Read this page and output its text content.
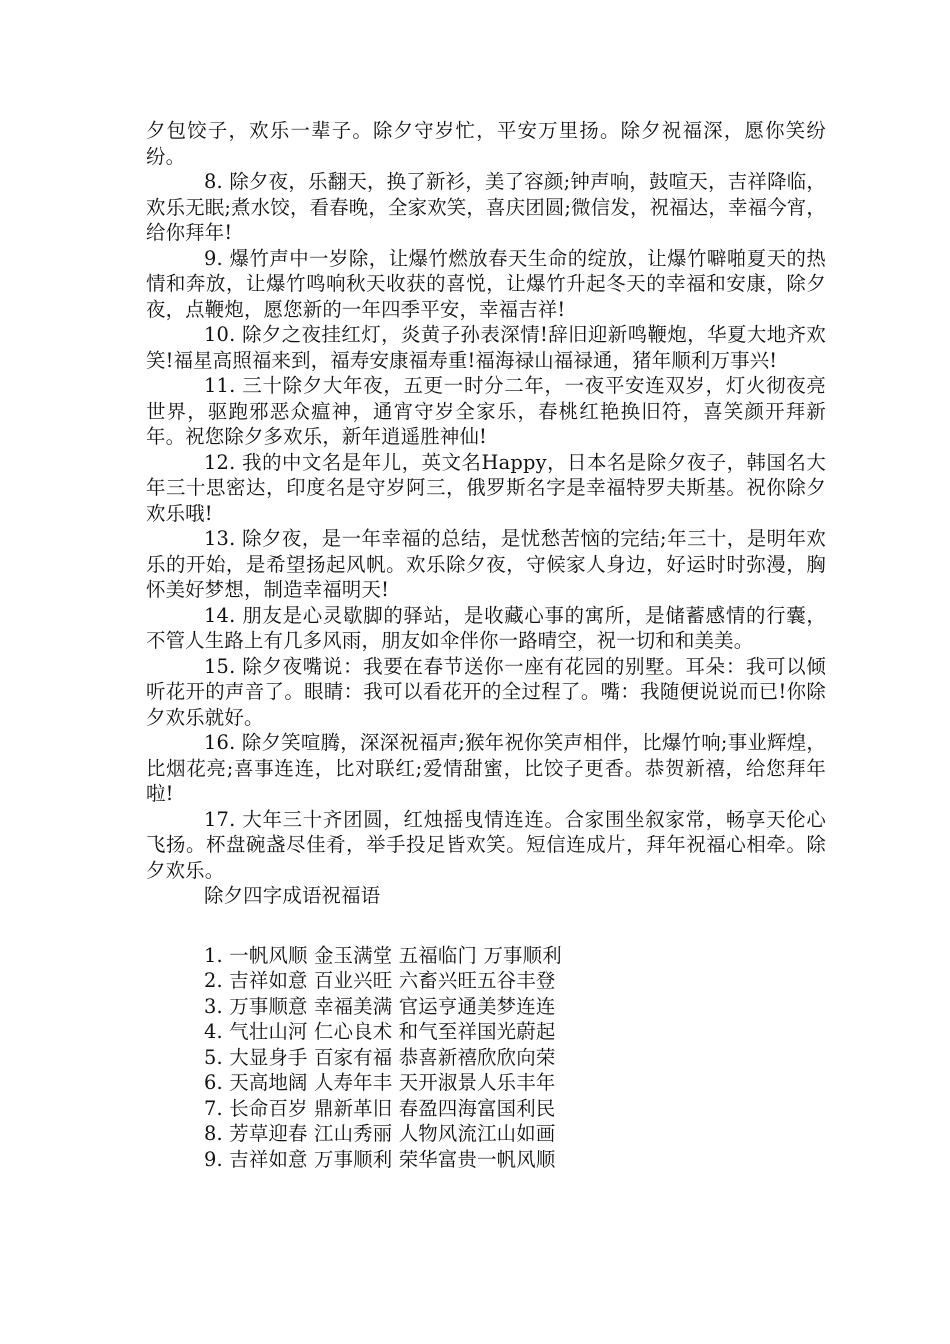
夕包饺子，欢乐一辈子。除夕守岁忙，平安万里扬。除夕祝福深，愿你笑纷纷。

8. 除夕夜，乐翻天，换了新衫，美了容颜;钟声响，鼓喧天，吉祥降临，欢乐无眠;煮水饺，看春晚，全家欢笑，喜庆团圆;微信发，祝福达，幸福今宵，给你拜年!

9. 爆竹声中一岁除，让爆竹燃放春天生命的绽放，让爆竹噼啪夏天的热情和奔放，让爆竹鸣响秋天收获的喜悦，让爆竹升起冬天的幸福和安康，除夕夜，点鞭炮，愿您新的一年四季平安，幸福吉祥!

10. 除夕之夜挂红灯，炎黄子孙表深情!辞旧迎新鸣鞭炮，华夏大地齐欢笑!福星高照福来到，福寿安康福寿重!福海禄山福禄通，猪年顺利万事兴!

11. 三十除夕大年夜，五更一时分二年，一夜平安连双岁，灯火彻夜亮世界，驱跑邪恶众瘟神，通宵守岁全家乐，春桃红艳换旧符，喜笑颜开拜新年。祝您除夕多欢乐，新年逍遥胜神仙!

12. 我的中文名是年儿，英文名Happy，日本名是除夕夜子，韩国名大年三十思密达，印度名是守岁阿三，俄罗斯名字是幸福特罗夫斯基。祝你除夕欢乐哦!

13. 除夕夜，是一年幸福的总结，是忧愁苦恼的完结;年三十，是明年欢乐的开始，是希望扬起风帆。欢乐除夕夜，守候家人身边，好运时时弥漫，胸怀美好梦想，制造幸福明天!

14. 朋友是心灵歇脚的驿站，是收藏心事的寓所，是储蓄感情的行囊，不管人生路上有几多风雨，朋友如伞伴你一路晴空，祝一切和和美美。

15. 除夕夜嘴说：我要在春节送你一座有花园的别墅。耳朵：我可以倾听花开的声音了。眼睛：我可以看花开的全过程了。嘴：我随便说说而已!你除夕欢乐就好。

16. 除夕笑喧腾，深深祝福声;猴年祝你笑声相伴，比爆竹响;事业辉煌，比烟花亮;喜事连连，比对联红;爱情甜蜜，比饺子更香。恭贺新禧，给您拜年啦!

17. 大年三十齐团圆，红烛摇曳情连连。合家围坐叙家常，畅享天伦心飞扬。杯盘碗盏尽佳肴，举手投足皆欢笑。短信连成片，拜年祝福心相牵。除夕欢乐。

除夕四字成语祝福语

1. 一帆风顺 金玉满堂 五福临门 万事顺利
2. 吉祥如意 百业兴旺 六畜兴旺五谷丰登
3. 万事顺意 幸福美满 官运亨通美梦连连
4. 气壮山河 仁心良术 和气至祥国光蔚起
5. 大显身手 百家有福 恭喜新禧欣欣向荣
6. 天高地阔 人寿年丰 天开淑景人乐丰年
7. 长命百岁 鼎新革旧 春盈四海富国利民
8. 芳草迎春 江山秀丽 人物风流江山如画
9. 吉祥如意 万事顺利 荣华富贵一帆风顺
